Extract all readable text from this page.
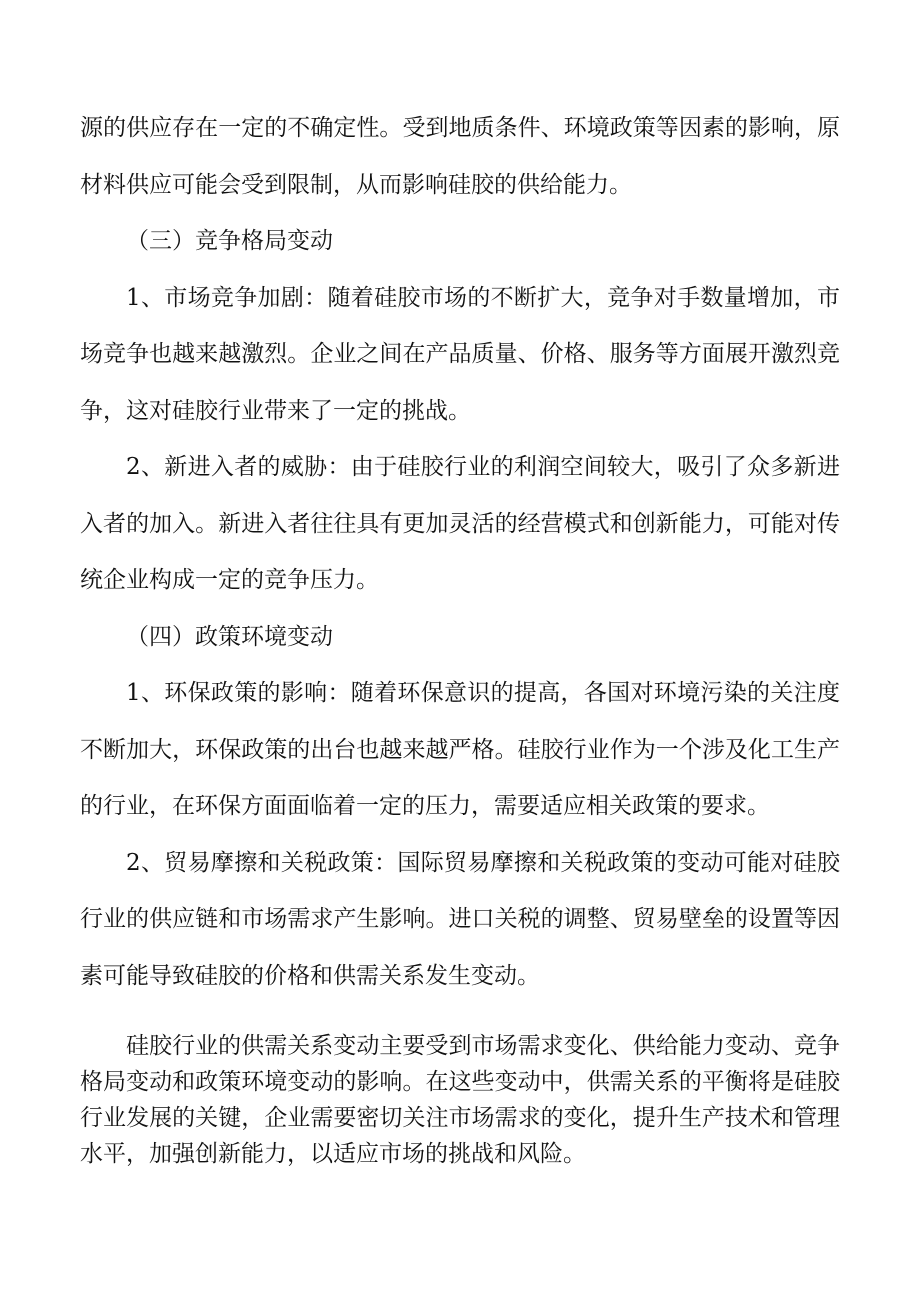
源的供应存在一定的不确定性。受到地质条件、环境政策等因素的影响，原材料供应可能会受到限制，从而影响硅胶的供给能力。

（三）竞争格局变动

1、市场竞争加剧：随着硅胶市场的不断扩大，竞争对手数量增加，市场竞争也越来越激烈。企业之间在产品质量、价格、服务等方面展开激烈竞争，这对硅胶行业带来了一定的挑战。

2、新进入者的威胁：由于硅胶行业的利润空间较大，吸引了众多新进入者的加入。新进入者往往具有更加灵活的经营模式和创新能力，可能对传统企业构成一定的竞争压力。

（四）政策环境变动

1、环保政策的影响：随着环保意识的提高，各国对环境污染的关注度不断加大，环保政策的出台也越来越严格。硅胶行业作为一个涉及化工生产的行业，在环保方面面临着一定的压力，需要适应相关政策的要求。

2、贸易摩擦和关税政策：国际贸易摩擦和关税政策的变动可能对硅胶行业的供应链和市场需求产生影响。进口关税的调整、贸易壁垒的设置等因素可能导致硅胶的价格和供需关系发生变动。

硅胶行业的供需关系变动主要受到市场需求变化、供给能力变动、竞争格局变动和政策环境变动的影响。在这些变动中，供需关系的平衡将是硅胶行业发展的关键，企业需要密切关注市场需求的变化，提升生产技术和管理水平，加强创新能力，以适应市场的挑战和风险。
